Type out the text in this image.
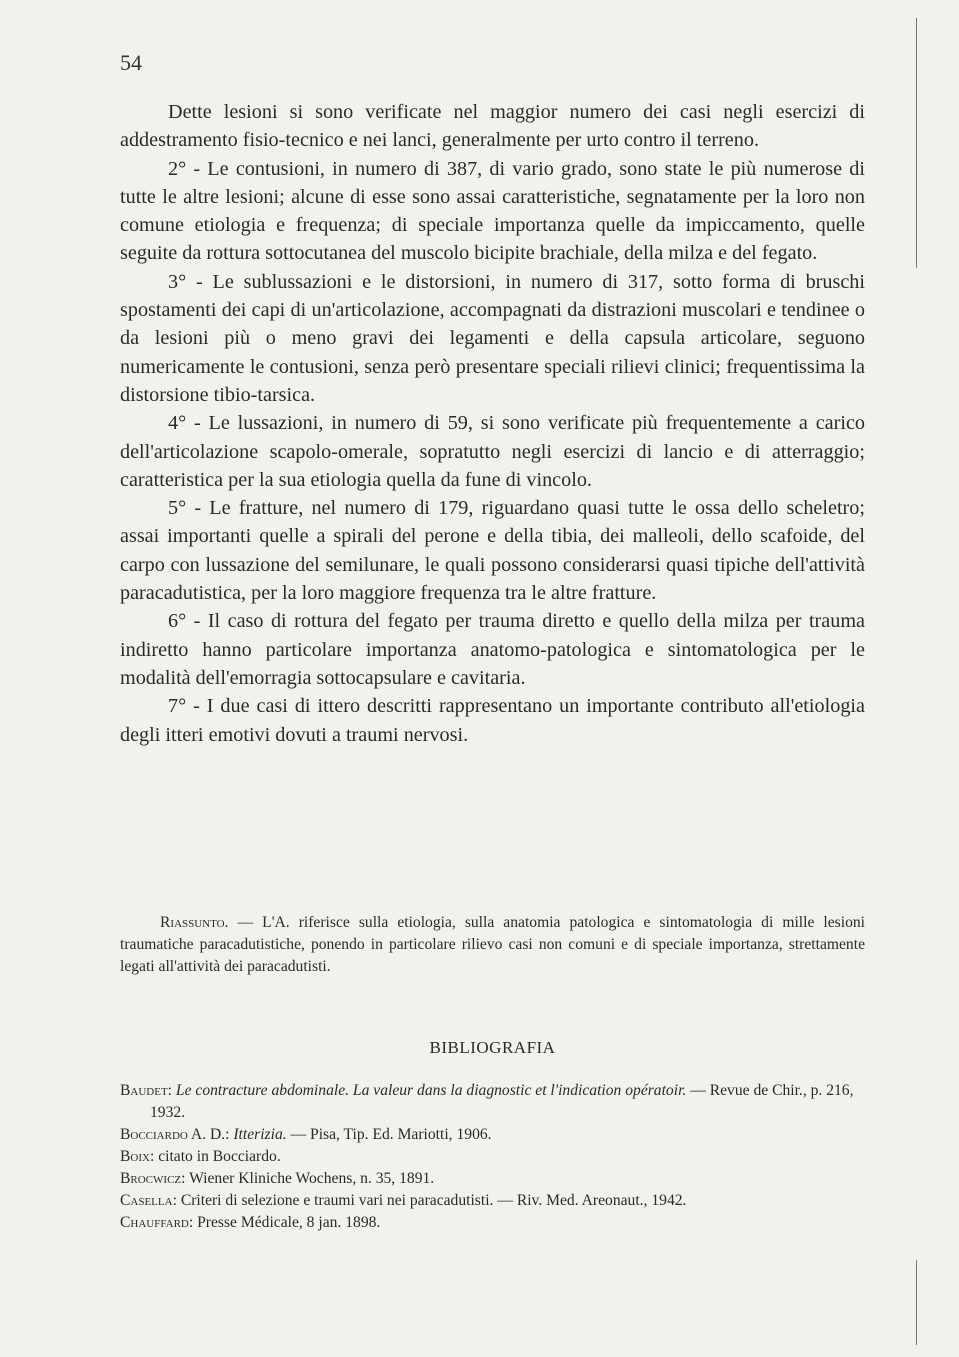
54

Dette lesioni si sono verificate nel maggior numero dei casi negli esercizi di addestramento fisio-tecnico e nei lanci, generalmente per urto contro il terreno.

2° - Le contusioni, in numero di 387, di vario grado, sono state le più numerose di tutte le altre lesioni; alcune di esse sono assai caratteristiche, segnatamente per la loro non comune etiologia e frequenza; di speciale importanza quelle da impiccamento, quelle seguite da rottura sottocutanea del muscolo bicipite brachiale, della milza e del fegato.

3° - Le sublussazioni e le distorsioni, in numero di 317, sotto forma di bruschi spostamenti dei capi di un'articolazione, accompagnati da distrazioni muscolari e tendinee o da lesioni più o meno gravi dei legamenti e della capsula articolare, seguono numericamente le contusioni, senza però presentare speciali rilievi clinici; frequentissima la distorsione tibio-tarsica.

4° - Le lussazioni, in numero di 59, si sono verificate più frequentemente a carico dell'articolazione scapolo-omerale, sopratutto negli esercizi di lancio e di atterraggio; caratteristica per la sua etiologia quella da fune di vincolo.

5° - Le fratture, nel numero di 179, riguardano quasi tutte le ossa dello scheletro; assai importanti quelle a spirali del perone e della tibia, dei malleoli, dello scafoide, del carpo con lussazione del semilunare, le quali possono considerarsi quasi tipiche dell'attività paracadutistica, per la loro maggiore frequenza tra le altre fratture.

6° - Il caso di rottura del fegato per trauma diretto e quello della milza per trauma indiretto hanno particolare importanza anatomo-patologica e sintomatologica per le modalità dell'emorragia sottocapsulare e cavitaria.

7° - I due casi di ittero descritti rappresentano un importante contributo all'etiologia degli itteri emotivi dovuti a traumi nervosi.

Riassunto. — L'A. riferisce sulla etiologia, sulla anatomia patologica e sintomatologia di mille lesioni traumatiche paracadutistiche, ponendo in particolare rilievo casi non comuni e di speciale importanza, strettamente legati all'attività dei paracadutisti.
BIBLIOGRAFIA
Baudet: Le contracture abdominale. La valeur dans la diagnostic et l'indication opératoir. — Revue de Chir., p. 216, 1932.
Bocciardo A. D.: Itterizia. — Pisa, Tip. Ed. Mariotti, 1906.
Boix: citato in Bocciardo.
Brocwicz: Wiener Kliniche Wochens, n. 35, 1891.
Casella: Criteri di selezione e traumi vari nei paracadutisti. — Riv. Med. Areonaut., 1942.
Chauffard: Presse Médicale, 8 jan. 1898.
